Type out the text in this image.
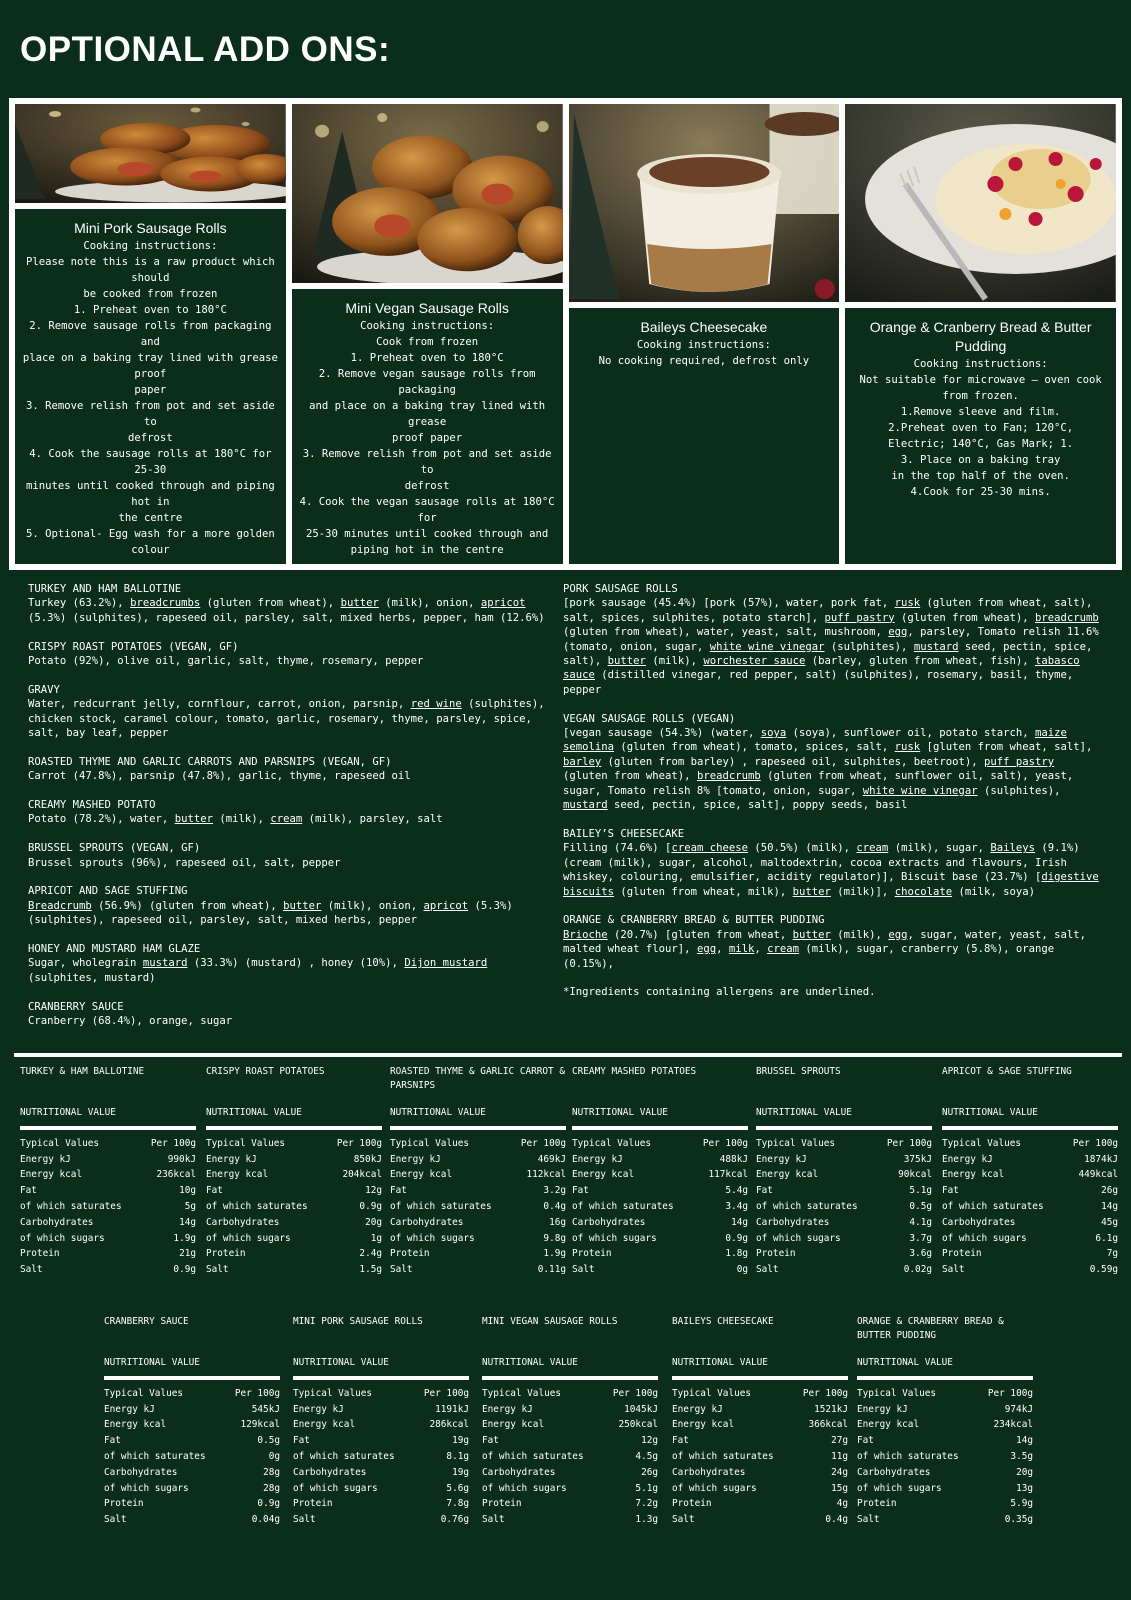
OPTIONAL ADD ONS:
Mini Pork Sausage Rolls
Cooking instructions:
Please note this is a raw product which should
be cooked from frozen
1. Preheat oven to 180°C
2. Remove sausage rolls from packaging and
place on a baking tray lined with grease proof
paper
3. Remove relish from pot and set aside to
defrost
4. Cook the sausage rolls at 180°C for 25-30
minutes until cooked through and piping hot in
the centre
5. Optional- Egg wash for a more golden colour
Mini Vegan Sausage Rolls
Cooking instructions:
Cook from frozen
1. Preheat oven to 180°C
2. Remove vegan sausage rolls from packaging
and place on a baking tray lined with grease
proof paper
3. Remove relish from pot and set aside to
defrost
4. Cook the vegan sausage rolls at 180°C for
25-30 minutes until cooked through and
piping hot in the centre
Baileys Cheesecake
Cooking instructions:
No cooking required, defrost only
Orange & Cranberry Bread & Butter Pudding
Cooking instructions:
Not suitable for microwave – oven cook
from frozen.
1.Remove sleeve and film.
2.Preheat oven to Fan; 120°C,
Electric; 140°C, Gas Mark; 1.
3. Place on a baking tray
in the top half of the oven.
4.Cook for 25-30 mins.
TURKEY AND HAM BALLOTINE
Turkey (63.2%), breadcrumbs (gluten from wheat), butter (milk), onion, apricot (5.3%) (sulphites), rapeseed oil, parsley, salt, mixed herbs, pepper, ham (12.6%)
CRISPY ROAST POTATOES (VEGAN, GF)
Potato (92%), olive oil, garlic, salt, thyme, rosemary, pepper
GRAVY
Water, redcurrant jelly, cornflour, carrot, onion, parsnip, red wine (sulphites), chicken stock, caramel colour, tomato, garlic, rosemary, thyme, parsley, spice, salt, bay leaf, pepper
ROASTED THYME AND GARLIC CARROTS AND PARSNIPS (VEGAN, GF)
Carrot (47.8%), parsnip (47.8%), garlic, thyme, rapeseed oil
CREAMY MASHED POTATO
Potato (78.2%), water, butter (milk), cream (milk), parsley, salt
BRUSSEL SPROUTS (VEGAN, GF)
Brussel sprouts (96%), rapeseed oil, salt, pepper
APRICOT AND SAGE STUFFING
Breadcrumb (56.9%) (gluten from wheat), butter (milk), onion, apricot (5.3%) (sulphites), rapeseed oil, parsley, salt, mixed herbs, pepper
HONEY AND MUSTARD HAM GLAZE
Sugar, wholegrain mustard (33.3%) (mustard) , honey (10%), Dijon mustard (sulphites, mustard)
CRANBERRY SAUCE
Cranberry (68.4%), orange, sugar
PORK SAUSAGE ROLLS
[pork sausage (45.4%) [pork (57%), water, pork fat, rusk (gluten from wheat, salt), salt, spices, sulphites, potato starch], puff pastry (gluten from wheat), breadcrumb (gluten from wheat), water, yeast, salt, mushroom, egg, parsley, Tomato relish 11.6% (tomato, onion, sugar, white wine vinegar (sulphites), mustard seed, pectin, spice, salt), butter (milk), worchester sauce (barley, gluten from wheat, fish), tabasco sauce (distilled vinegar, red pepper, salt) (sulphites), rosemary, basil, thyme, pepper
VEGAN SAUSAGE ROLLS (VEGAN)
[vegan sausage (54.3%) (water, soya (soya), sunflower oil, potato starch, maize semolina (gluten from wheat), tomato, spices, salt, rusk [gluten from wheat, salt], barley (gluten from barley) , rapeseed oil, sulphites, beetroot), puff pastry (gluten from wheat), breadcrumb (gluten from wheat, sunflower oil, salt), yeast, sugar, Tomato relish 8% [tomato, onion, sugar, white wine vinegar (sulphites), mustard seed, pectin, spice, salt], poppy seeds, basil
BAILEY’S CHEESECAKE
Filling (74.6%) [cream cheese (50.5%) (milk), cream (milk), sugar, Baileys (9.1%) (cream (milk), sugar, alcohol, maltodextrin, cocoa extracts and flavours, Irish whiskey, colouring, emulsifier, acidity regulator)], Biscuit base (23.7%) [digestive biscuits (gluten from wheat, milk), butter (milk)], chocolate (milk, soya)
ORANGE & CRANBERRY BREAD & BUTTER PUDDING
Brioche (20.7%) [gluten from wheat, butter (milk), egg, sugar, water, yeast, salt, malted wheat flour], egg, milk, cream (milk), sugar, cranberry (5.8%), orange (0.15%),
*Ingredients containing allergens are underlined.
TURKEY & HAM BALLOTINE
NUTRITIONAL VALUE
Typical Values	Per 100g
Energy kJ	990kJ
Energy kcal	236kcal
Fat	10g
of which saturates	5g
Carbohydrates	14g
of which sugars	1.9g
Protein	21g
Salt	0.9g
CRISPY ROAST POTATOES
NUTRITIONAL VALUE
Typical Values	Per 100g
Energy kJ	850kJ
Energy kcal	204kcal
Fat	12g
of which saturates	0.9g
Carbohydrates	20g
of which sugars	1g
Protein	2.4g
Salt	1.5g
ROASTED THYME & GARLIC CARROT & PARSNIPS
NUTRITIONAL VALUE
Typical Values	Per 100g
Energy kJ	469kJ
Energy kcal	112kcal
Fat	3.2g
of which saturates	0.4g
Carbohydrates	16g
of which sugars	9.8g
Protein	1.9g
Salt	0.11g
CREAMY MASHED POTATOES
NUTRITIONAL VALUE
Typical Values	Per 100g
Energy kJ	488kJ
Energy kcal	117kcal
Fat	5.4g
of which saturates	3.4g
Carbohydrates	14g
of which sugars	0.9g
Protein	1.8g
Salt	0g
BRUSSEL SPROUTS
NUTRITIONAL VALUE
Typical Values	Per 100g
Energy kJ	375kJ
Energy kcal	90kcal
Fat	5.1g
of which saturates	0.5g
Carbohydrates	4.1g
of which sugars	3.7g
Protein	3.6g
Salt	0.02g
APRICOT & SAGE STUFFING
NUTRITIONAL VALUE
Typical Values	Per 100g
Energy kJ	1874kJ
Energy kcal	449kcal
Fat	26g
of which saturates	14g
Carbohydrates	45g
of which sugars	6.1g
Protein	7g
Salt	0.59g
CRANBERRY SAUCE
NUTRITIONAL VALUE
Typical Values	Per 100g
Energy kJ	545kJ
Energy kcal	129kcal
Fat	0.5g
of which saturates	0g
Carbohydrates	28g
of which sugars	28g
Protein	0.9g
Salt	0.04g
MINI PORK SAUSAGE ROLLS
NUTRITIONAL VALUE
Typical Values	Per 100g
Energy kJ	1191kJ
Energy kcal	286kcal
Fat	19g
of which saturates	8.1g
Carbohydrates	19g
of which sugars	5.6g
Protein	7.8g
Salt	0.76g
MINI VEGAN SAUSAGE ROLLS
NUTRITIONAL VALUE
Typical Values	Per 100g
Energy kJ	1045kJ
Energy kcal	250kcal
Fat	12g
of which saturates	4.5g
Carbohydrates	26g
of which sugars	5.1g
Protein	7.2g
Salt	1.3g
BAILEYS CHEESECAKE
NUTRITIONAL VALUE
Typical Values	Per 100g
Energy kJ	1521kJ
Energy kcal	366kcal
Fat	27g
of which saturates	11g
Carbohydrates	24g
of which sugars	15g
Protein	4g
Salt	0.4g
ORANGE & CRANBERRY BREAD & BUTTER PUDDING
NUTRITIONAL VALUE
Typical Values	Per 100g
Energy kJ	974kJ
Energy kcal	234kcal
Fat	14g
of which saturates	3.5g
Carbohydrates	20g
of which sugars	13g
Protein	5.9g
Salt	0.35g
